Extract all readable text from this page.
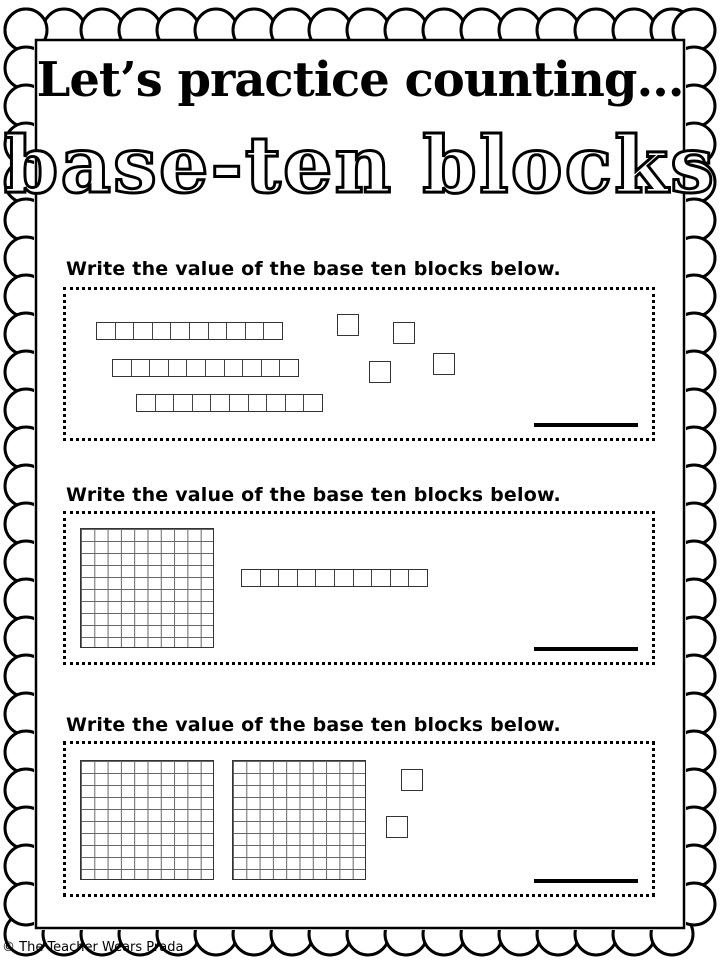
Let’s practice counting…
base-ten blocks
Write the value of the base ten blocks below.
Write the value of the base ten blocks below.
Write the value of the base ten blocks below.
© The Teacher Wears Prada
